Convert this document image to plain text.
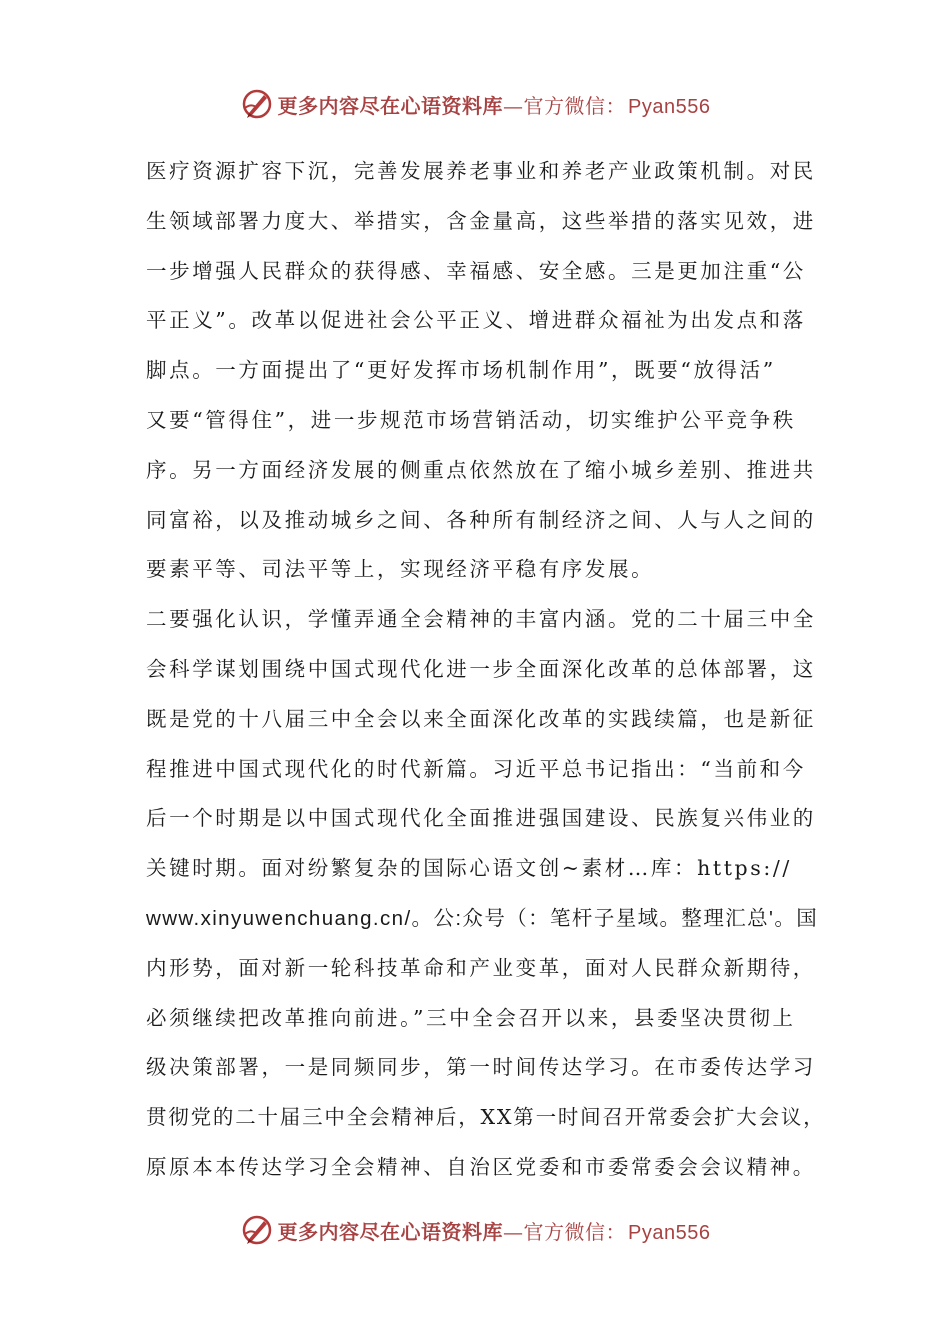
更多内容尽在心语资料库—官方微信： Pyan556
医疗资源扩容下沉，完善发展养老事业和养老产业政策机制。对民
生领域部署力度大、举措实，含金量高，这些举措的落实见效，进
一步增强人民群众的获得感、幸福感、安全感。三是更加注重“公
平正义”。改革以促进社会公平正义、增进群众福祉为出发点和落
脚点。一方面提出了“更好发挥市场机制作用”，既要“放得活”
又要“管得住”，进一步规范市场营销活动，切实维护公平竞争秩
序。另一方面经济发展的侧重点依然放在了缩小城乡差别、推进共
同富裕，以及推动城乡之间、各种所有制经济之间、人与人之间的
要素平等、司法平等上，实现经济平稳有序发展。
二要强化认识，学懂弄通全会精神的丰富内涵。党的二十届三中全
会科学谋划围绕中国式现代化进一步全面深化改革的总体部署，这
既是党的十八届三中全会以来全面深化改革的实践续篇，也是新征
程推进中国式现代化的时代新篇。习近平总书记指出：“当前和今
后一个时期是以中国式现代化全面推进强国建设、民族复兴伟业的
关键时期。面对纷繁复杂的国际心语文创~素材…库：https://
www.xinyuwenchuang.cn/。公:众号（：笔杆子星域。整理汇总'。国
内形势，面对新一轮科技革命和产业变革，面对人民群众新期待，
必须继续把改革推向前进。”三中全会召开以来，县委坚决贯彻上
级决策部署，一是同频同步，第一时间传达学习。在市委传达学习
贯彻党的二十届三中全会精神后，XX第一时间召开常委会扩大会议，
原原本本传达学习全会精神、自治区党委和市委常委会会议精神。
更多内容尽在心语资料库—官方微信： Pyan556
